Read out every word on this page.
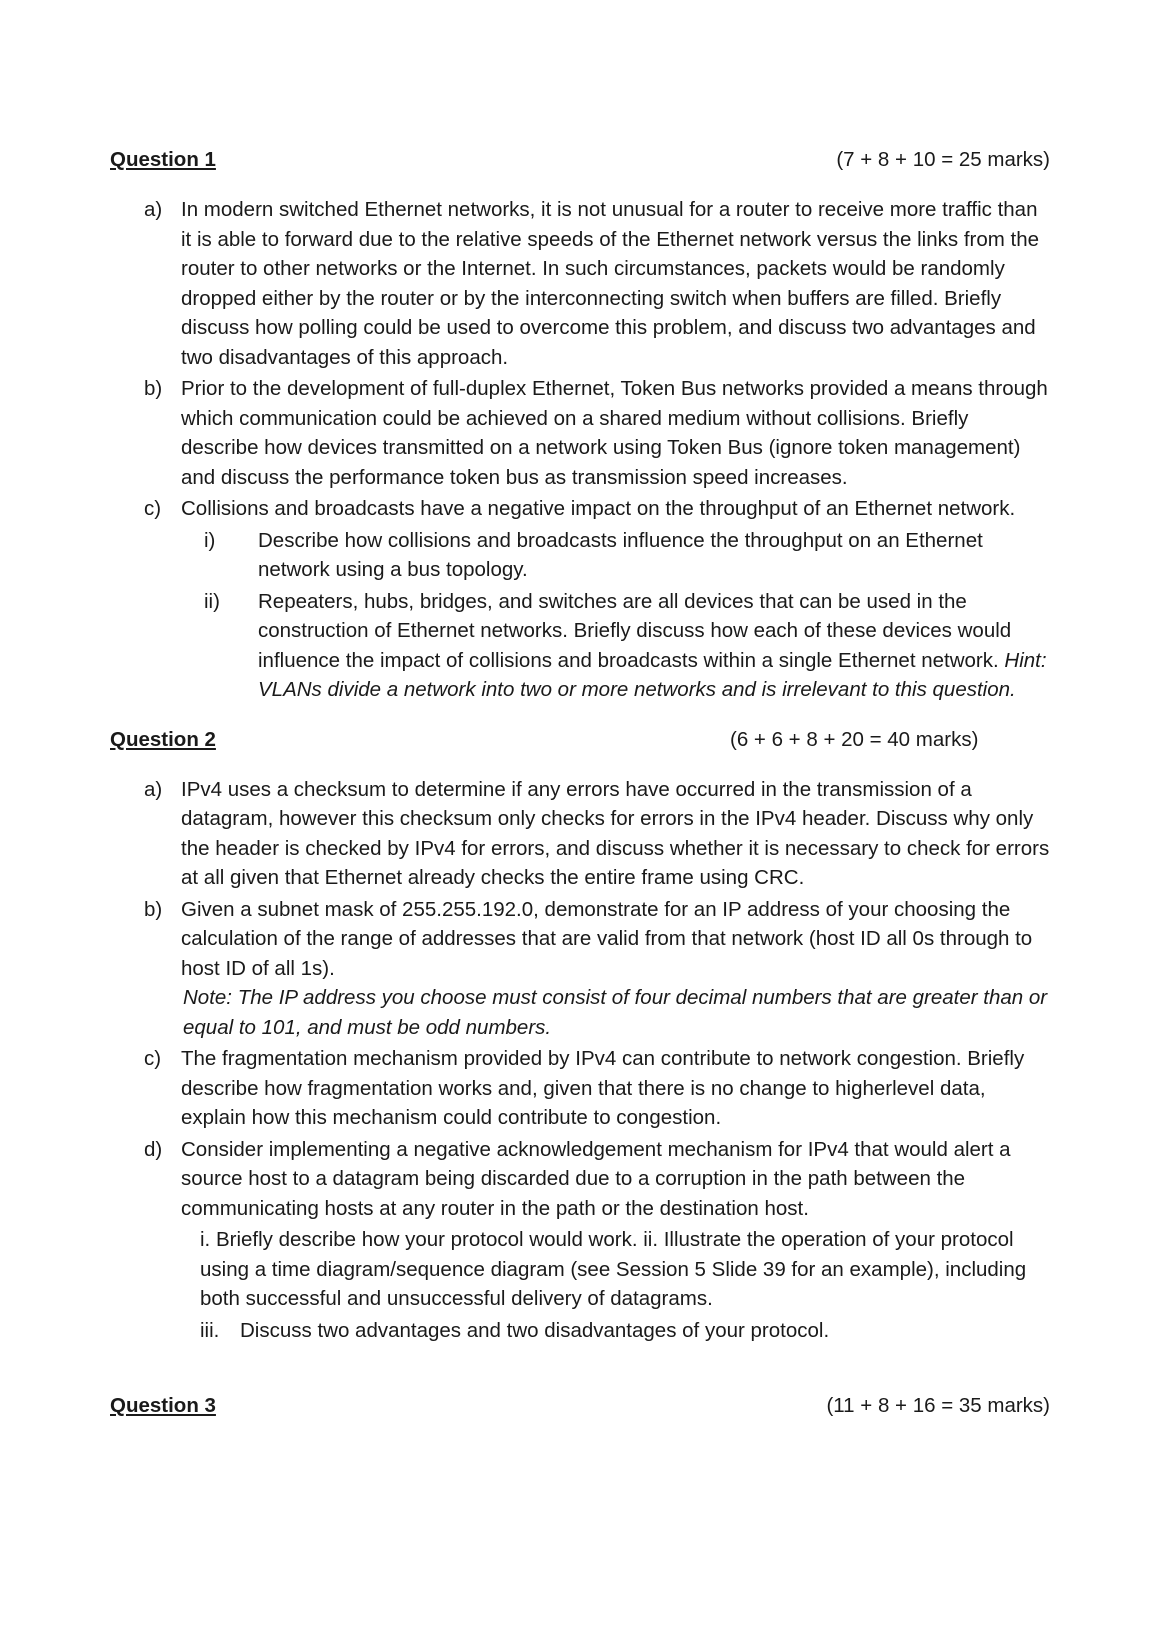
Question 1	(7 + 8 + 10 = 25 marks)
a) In modern switched Ethernet networks, it is not unusual for a router to receive more traffic than it is able to forward due to the relative speeds of the Ethernet network versus the links from the router to other networks or the Internet. In such circumstances, packets would be randomly dropped either by the router or by the interconnecting switch when buffers are filled. Briefly discuss how polling could be used to overcome this problem, and discuss two advantages and two disadvantages of this approach.
b) Prior to the development of full-duplex Ethernet, Token Bus networks provided a means through which communication could be achieved on a shared medium without collisions. Briefly describe how devices transmitted on a network using Token Bus (ignore token management) and discuss the performance token bus as transmission speed increases.
c) Collisions and broadcasts have a negative impact on the throughput of an Ethernet network.
i) Describe how collisions and broadcasts influence the throughput on an Ethernet network using a bus topology.
ii) Repeaters, hubs, bridges, and switches are all devices that can be used in the construction of Ethernet networks. Briefly discuss how each of these devices would influence the impact of collisions and broadcasts within a single Ethernet network. Hint: VLANs divide a network into two or more networks and is irrelevant to this question.
Question 2	(6 + 6 + 8 + 20 = 40 marks)
a) IPv4 uses a checksum to determine if any errors have occurred in the transmission of a datagram, however this checksum only checks for errors in the IPv4 header. Discuss why only the header is checked by IPv4 for errors, and discuss whether it is necessary to check for errors at all given that Ethernet already checks the entire frame using CRC.
b) Given a subnet mask of 255.255.192.0, demonstrate for an IP address of your choosing the calculation of the range of addresses that are valid from that network (host ID all 0s through to host ID of all 1s).
Note: The IP address you choose must consist of four decimal numbers that are greater than or equal to 101, and must be odd numbers.
c) The fragmentation mechanism provided by IPv4 can contribute to network congestion. Briefly describe how fragmentation works and, given that there is no change to higherlevel data, explain how this mechanism could contribute to congestion.
d) Consider implementing a negative acknowledgement mechanism for IPv4 that would alert a source host to a datagram being discarded due to a corruption in the path between the communicating hosts at any router in the path or the destination host.
i. Briefly describe how your protocol would work. ii. Illustrate the operation of your protocol using a time diagram/sequence diagram (see Session 5 Slide 39 for an example), including both successful and unsuccessful delivery of datagrams.
iii.	Discuss two advantages and two disadvantages of your protocol.
Question 3	(11 + 8 + 16 = 35 marks)
